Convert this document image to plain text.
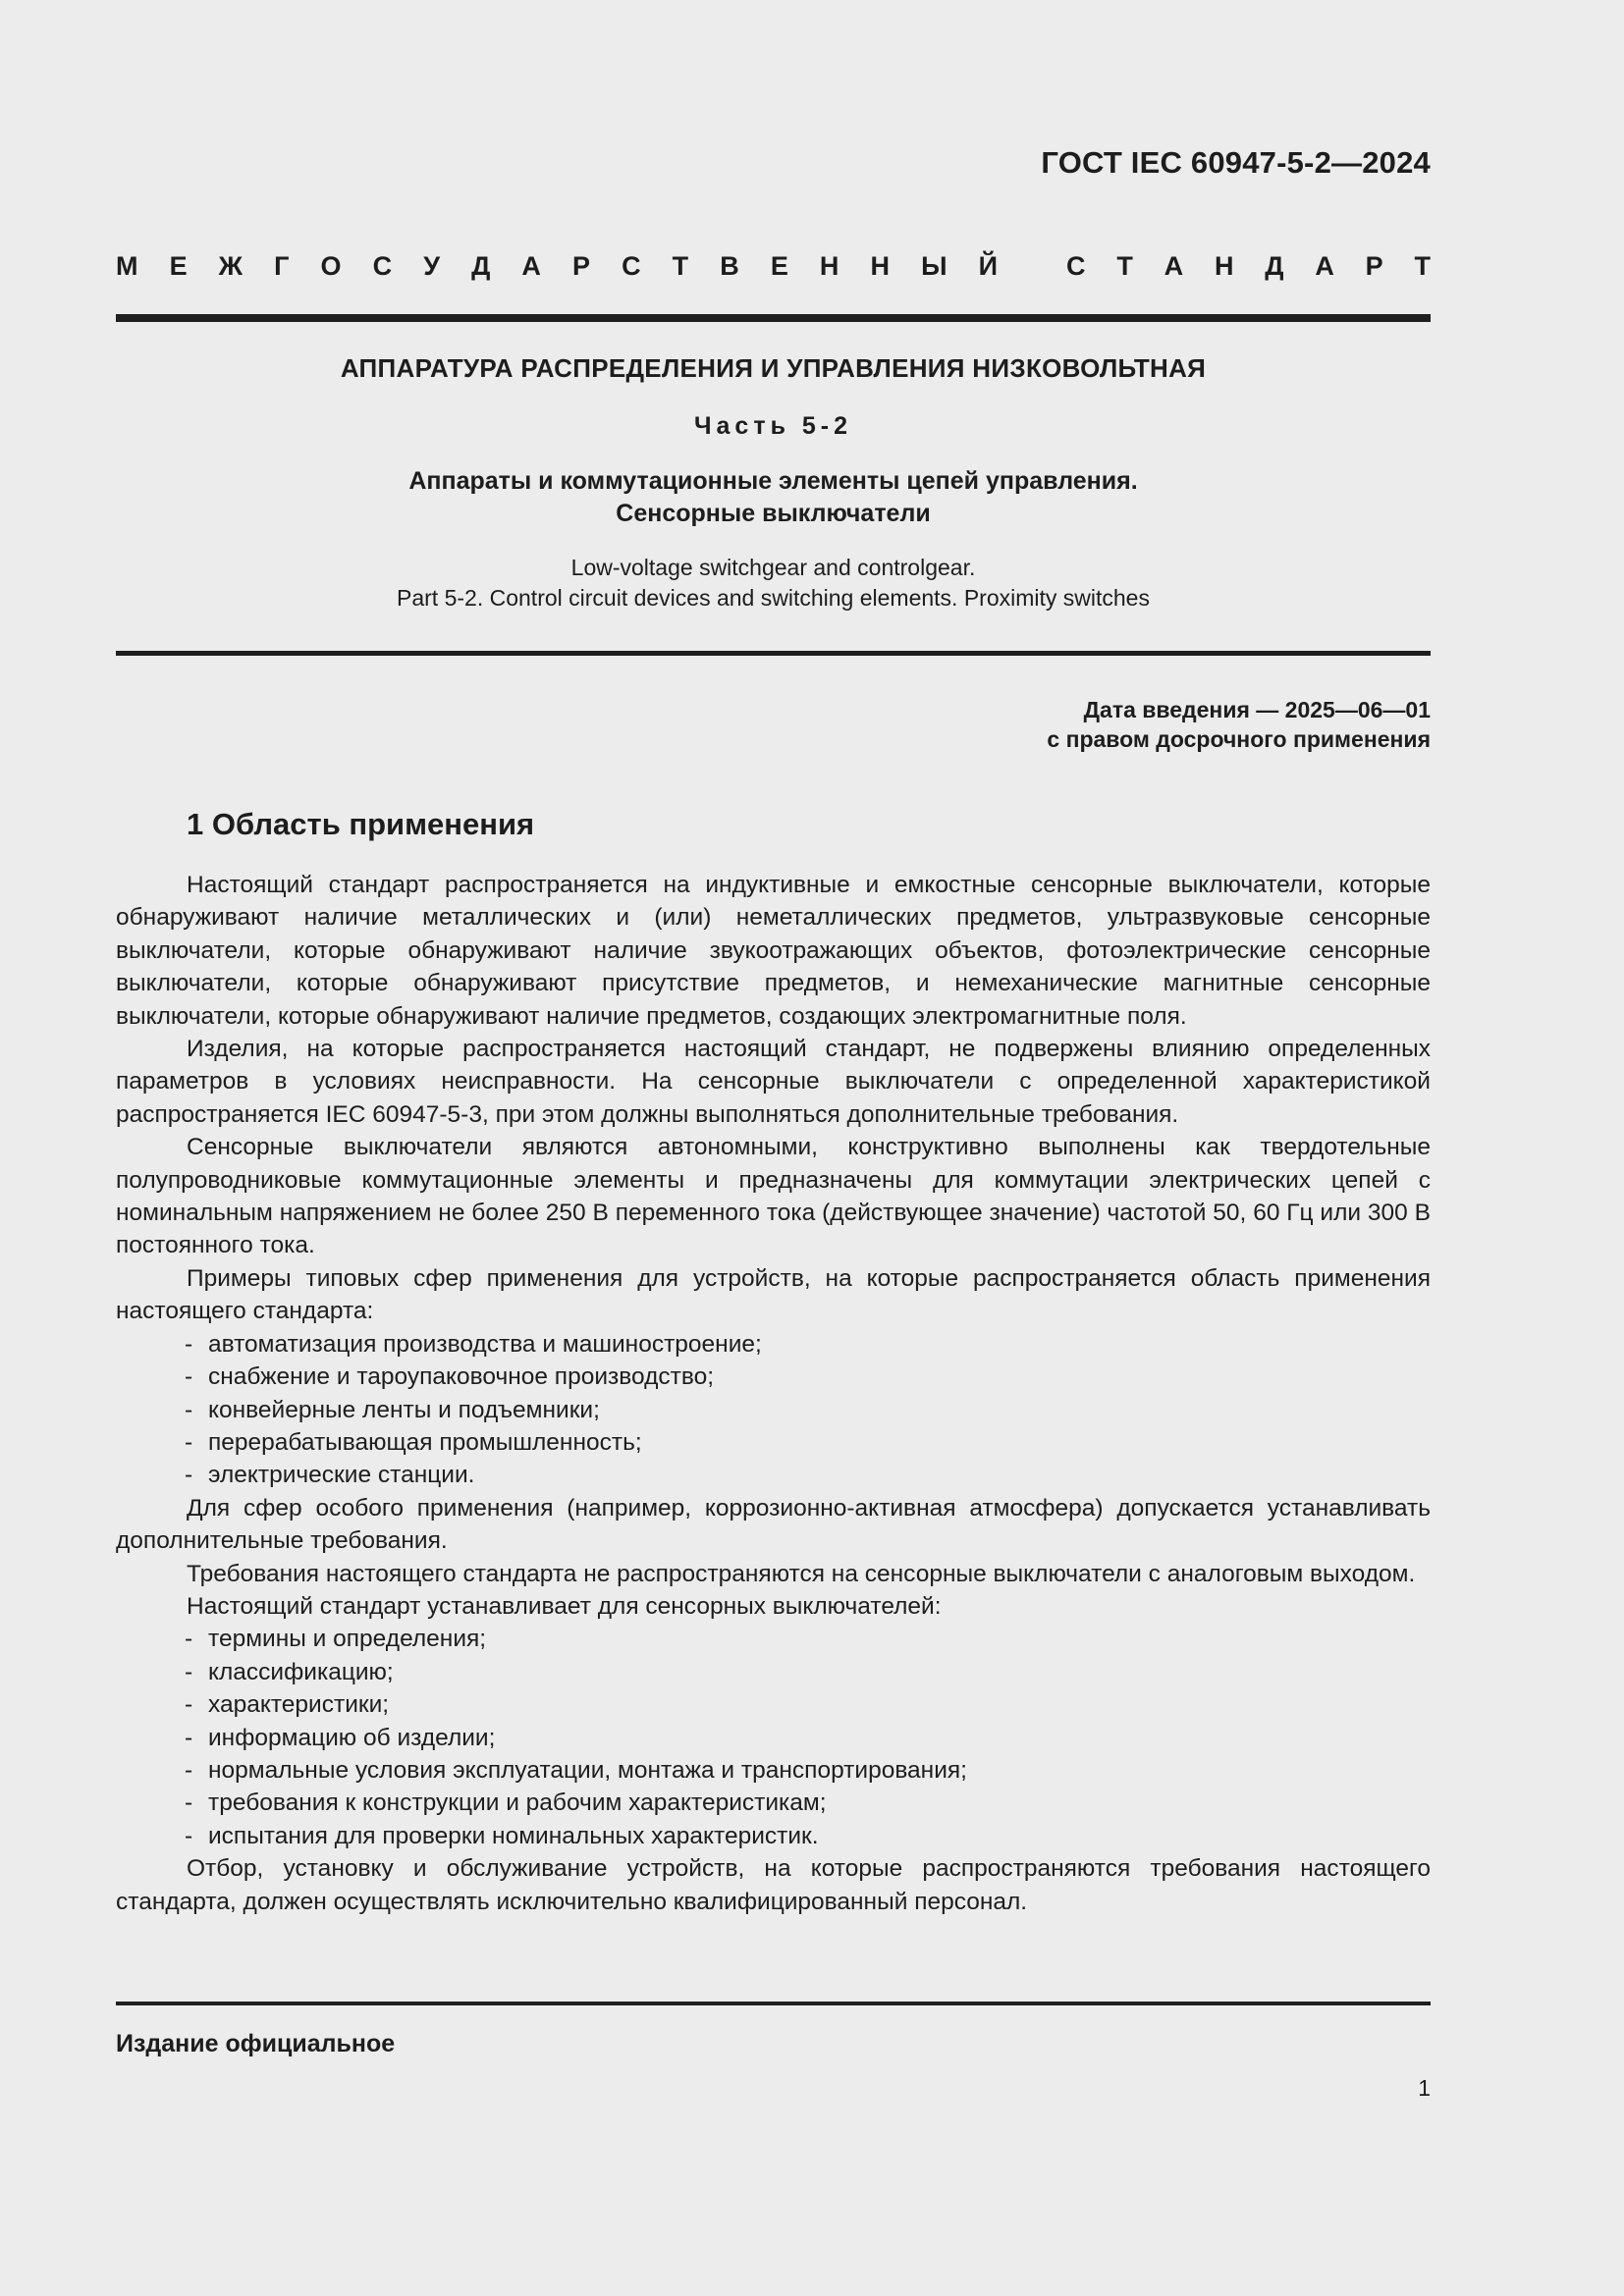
ГОСТ IEC 60947-5-2—2024
М Е Ж Г О С У Д А Р С Т В Е Н Н Ы Й	С Т А Н Д А Р Т
АППАРАТУРА РАСПРЕДЕЛЕНИЯ И УПРАВЛЕНИЯ НИЗКОВОЛЬТНАЯ
Часть 5-2
Аппараты и коммутационные элементы цепей управления.
Сенсорные выключатели
Low-voltage switchgear and controlgear.
Part 5-2. Control circuit devices and switching elements. Proximity switches
Дата введения — 2025—06—01
с правом досрочного применения
1 Область применения

Настоящий стандарт распространяется на индуктивные и емкостные сенсорные выключатели, которые обнаруживают наличие металлических и (или) неметаллических предметов, ультразвуковые сенсорные выключатели, которые обнаруживают наличие звукоотражающих объектов, фотоэлектрические сенсорные выключатели, которые обнаруживают присутствие предметов, и немеханические магнитные сенсорные выключатели, которые обнаруживают наличие предметов, создающих электромагнитные поля.

Изделия, на которые распространяется настоящий стандарт, не подвержены влиянию определенных параметров в условиях неисправности. На сенсорные выключатели с определенной характеристикой распространяется IEC 60947-5-3, при этом должны выполняться дополнительные требования.

Сенсорные выключатели являются автономными, конструктивно выполнены как твердотельные полупроводниковые коммутационные элементы и предназначены для коммутации электрических цепей с номинальным напряжением не более 250 В переменного тока (действующее значение) частотой 50, 60 Гц или 300 В постоянного тока.

Примеры типовых сфер применения для устройств, на которые распространяется область применения настоящего стандарта:

- автоматизация производства и машиностроение;
- снабжение и тароупаковочное производство;
- конвейерные ленты и подъемники;
- перерабатывающая промышленность;
- электрические станции.

Для сфер особого применения (например, коррозионно-активная атмосфера) допускается устанавливать дополнительные требования.

Требования настоящего стандарта не распространяются на сенсорные выключатели с аналоговым выходом.

Настоящий стандарт устанавливает для сенсорных выключателей:

- термины и определения;
- классификацию;
- характеристики;
- информацию об изделии;
- нормальные условия эксплуатации, монтажа и транспортирования;
- требования к конструкции и рабочим характеристикам;
- испытания для проверки номинальных характеристик.

Отбор, установку и обслуживание устройств, на которые распространяются требования настоящего стандарта, должен осуществлять исключительно квалифицированный персонал.

Издание официальное
1
